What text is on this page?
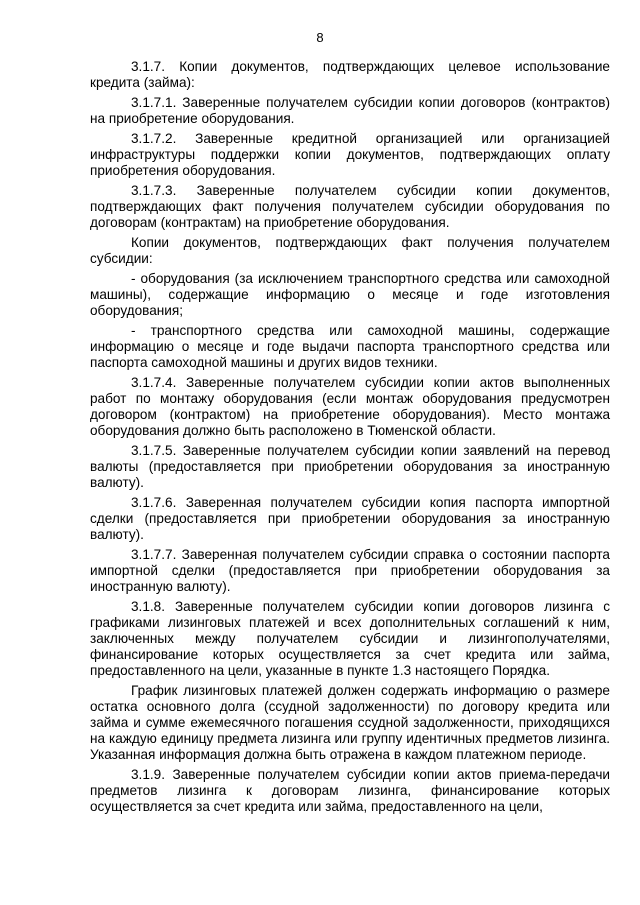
8

3.1.7. Копии документов, подтверждающих целевое использование кредита (займа):

3.1.7.1. Заверенные получателем субсидии копии договоров (контрактов) на приобретение оборудования.

3.1.7.2. Заверенные кредитной организацией или организацией инфраструктуры поддержки копии документов, подтверждающих оплату приобретения оборудования.

3.1.7.3. Заверенные получателем субсидии копии документов, подтверждающих факт получения получателем субсидии оборудования по договорам (контрактам) на приобретение оборудования.

Копии документов, подтверждающих факт получения получателем субсидии:

- оборудования (за исключением транспортного средства или самоходной машины), содержащие информацию о месяце и годе изготовления оборудования;

- транспортного средства или самоходной машины, содержащие информацию о месяце и годе выдачи паспорта транспортного средства или паспорта самоходной машины и других видов техники.

3.1.7.4. Заверенные получателем субсидии копии актов выполненных работ по монтажу оборудования (если монтаж оборудования предусмотрен договором (контрактом) на приобретение оборудования). Место монтажа оборудования должно быть расположено в Тюменской области.

3.1.7.5. Заверенные получателем субсидии копии заявлений на перевод валюты (предоставляется при приобретении оборудования за иностранную валюту).

3.1.7.6. Заверенная получателем субсидии копия паспорта импортной сделки (предоставляется при приобретении оборудования за иностранную валюту).

3.1.7.7. Заверенная получателем субсидии справка о состоянии паспорта импортной сделки (предоставляется при приобретении оборудования за иностранную валюту).

3.1.8. Заверенные получателем субсидии копии договоров лизинга с графиками лизинговых платежей и всех дополнительных соглашений к ним, заключенных между получателем субсидии и лизингополучателями, финансирование которых осуществляется за счет кредита или займа, предоставленного на цели, указанные в пункте 1.3 настоящего Порядка.

График лизинговых платежей должен содержать информацию о размере остатка основного долга (ссудной задолженности) по договору кредита или займа и сумме ежемесячного погашения ссудной задолженности, приходящихся на каждую единицу предмета лизинга или группу идентичных предметов лизинга. Указанная информация должна быть отражена в каждом платежном периоде.

3.1.9. Заверенные получателем субсидии копии актов приема-передачи предметов лизинга к договорам лизинга, финансирование которых осуществляется за счет кредита или займа, предоставленного на цели,
